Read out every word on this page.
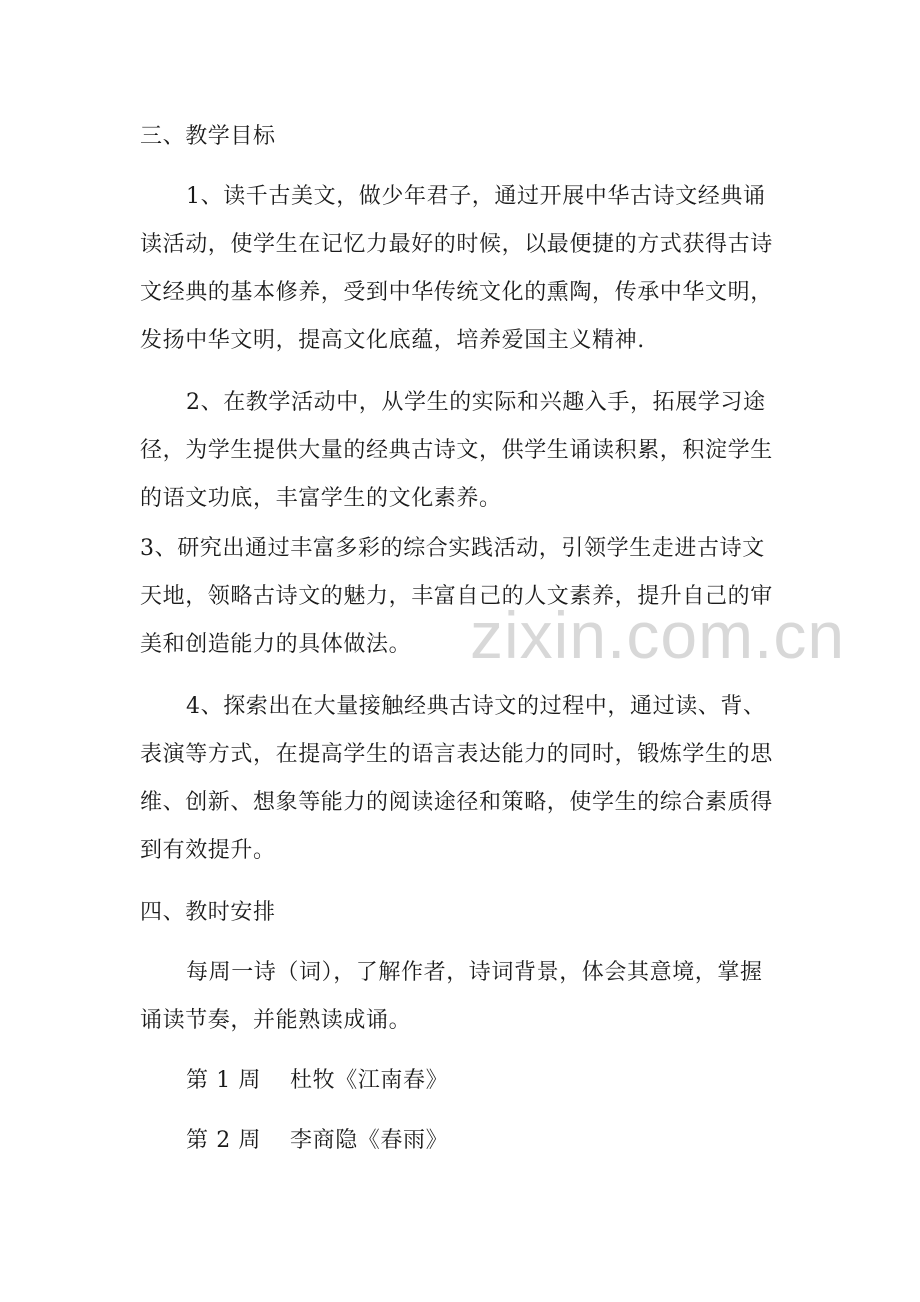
三、教学目标
1、读千古美文，做少年君子，通过开展中华古诗文经典诵
读活动，使学生在记忆力最好的时候，以最便捷的方式获得古诗
文经典的基本修养，受到中华传统文化的熏陶，传承中华文明，
发扬中华文明，提高文化底蕴，培养爱国主义精神.
2、在教学活动中，从学生的实际和兴趣入手，拓展学习途
径，为学生提供大量的经典古诗文，供学生诵读积累，积淀学生
的语文功底，丰富学生的文化素养。
3、研究出通过丰富多彩的综合实践活动，引领学生走进古诗文
天地，领略古诗文的魅力，丰富自己的人文素养，提升自己的审
美和创造能力的具体做法。
4、探索出在大量接触经典古诗文的过程中，通过读、背、
表演等方式，在提高学生的语言表达能力的同时，锻炼学生的思
维、创新、想象等能力的阅读途径和策略，使学生的综合素质得
到有效提升。
四、教时安排
每周一诗（词），了解作者，诗词背景，体会其意境，掌握
诵读节奏，并能熟读成诵。
第 1 周 杜牧《江南春》
第 2 周 李商隐《春雨》
zixin.com.cn
